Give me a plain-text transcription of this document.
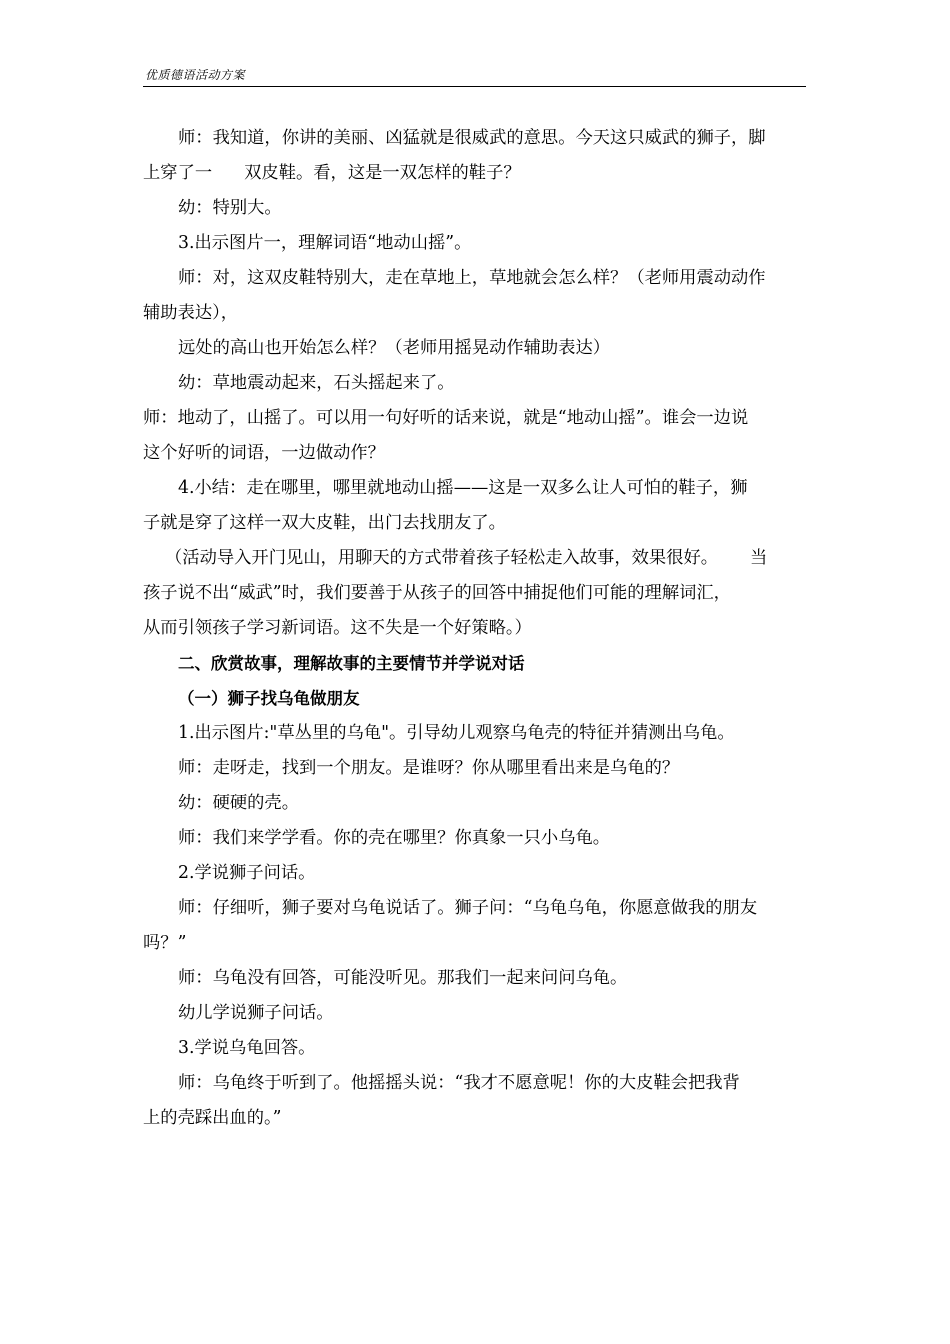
优质德语活动方案

师：我知道，你讲的美丽、凶猛就是很威武的意思。今天这只威武的狮子，脚

上穿了一 双皮鞋。看，这是一双怎样的鞋子？

幼：特别大。

3.出示图片一，理解词语“地动山摇”。

师：对，这双皮鞋特别大，走在草地上，草地就会怎么样？（老师用震动动作

辅助表达），

远处的高山也开始怎么样？（老师用摇晃动作辅助表达）

幼：草地震动起来，石头摇起来了。

师：地动了，山摇了。可以用一句好听的话来说，就是“地动山摇”。谁会一边说

这个好听的词语，一边做动作？

4.小结：走在哪里，哪里就地动山摇——这是一双多么让人可怕的鞋子，狮

子就是穿了这样一双大皮鞋，出门去找朋友了。

（活动导入开门见山，用聊天的方式带着孩子轻松走入故事，效果很好。 当

孩子说不出“威武”时，我们要善于从孩子的回答中捕捉他们可能的理解词汇，

从而引领孩子学习新词语。这不失是一个好策略。）

二、欣赏故事，理解故事的主要情节并学说对话

（一）狮子找乌龟做朋友

1.出示图片:"草丛里的乌龟"。引导幼儿观察乌龟壳的特征并猜测出乌龟。

师：走呀走，找到一个朋友。是谁呀？你从哪里看出来是乌龟的？

幼：硬硬的壳。

师：我们来学学看。你的壳在哪里？你真象一只小乌龟。

2.学说狮子问话。

师：仔细听，狮子要对乌龟说话了。狮子问：“乌龟乌龟，你愿意做我的朋友

吗？”

师：乌龟没有回答，可能没听见。那我们一起来问问乌龟。

幼儿学说狮子问话。

3.学说乌龟回答。

师：乌龟终于听到了。他摇摇头说：“我才不愿意呢！你的大皮鞋会把我背

上的壳踩出血的。”
